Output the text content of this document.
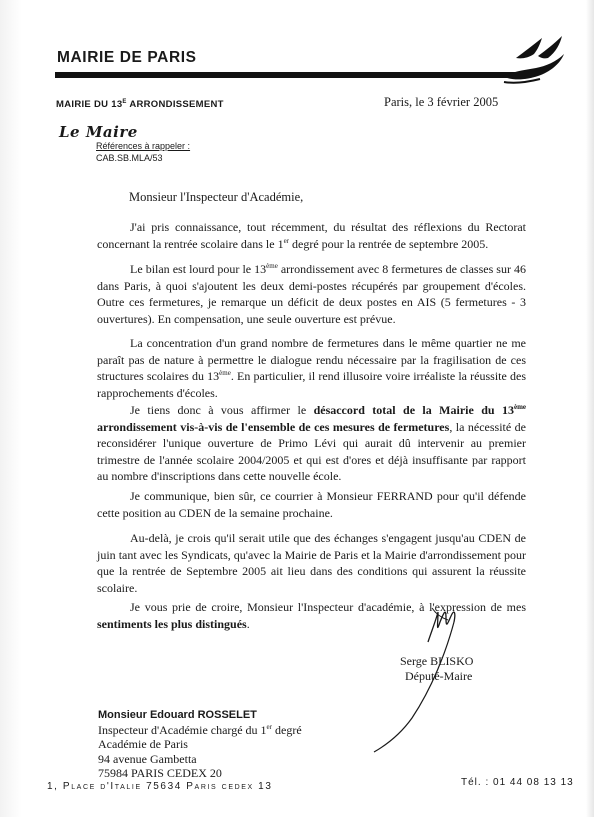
MAIRIE DE PARIS
MAIRIE DU $13^E$ ARRONDISSEMENT	Paris, le 3 février 2005
Le Maire
Références à rappeler :
CAB.SB.MLA/53
Monsieur l'Inspecteur d'Académie,

J'ai pris connaissance, tout récemment, du résultat des réflexions du Rectorat concernant la rentrée scolaire dans le 1er degré pour la rentrée de septembre 2005.

Le bilan est lourd pour le 13ème arrondissement avec 8 fermetures de classes sur 46 dans Paris, à quoi s'ajoutent les deux demi-postes récupérés par groupement d'écoles. Outre ces fermetures, je remarque un déficit de deux postes en AIS (5 fermetures - 3 ouvertures). En compensation, une seule ouverture est prévue.

La concentration d'un grand nombre de fermetures dans le même quartier ne me paraît pas de nature à permettre le dialogue rendu nécessaire par la fragilisation de ces structures scolaires du 13ème. En particulier, il rend illusoire voire irréaliste la réussite des rapprochements d'écoles.

Je tiens donc à vous affirmer le désaccord total de la Mairie du 13ème arrondissement vis-à-vis de l'ensemble de ces mesures de fermetures, la nécessité de reconsidérer l'unique ouverture de Primo Lévi qui aurait dû intervenir au premier trimestre de l'année scolaire 2004/2005 et qui est d'ores et déjà insuffisante par rapport au nombre d'inscriptions dans cette nouvelle école.

Je communique, bien sûr, ce courrier à Monsieur FERRAND pour qu'il défende cette position au CDEN de la semaine prochaine.

Au-delà, je crois qu'il serait utile que des échanges s'engagent jusqu'au CDEN de juin tant avec les Syndicats, qu'avec la Mairie de Paris et la Mairie d'arrondissement pour que la rentrée de Septembre 2005 ait lieu dans des conditions qui assurent la réussite scolaire.

Je vous prie de croire, Monsieur l'Inspecteur d'académie, à l'expression de mes sentiments les plus distingués.

Serge BLISKO
Député-Maire
Monsieur Edouard ROSSELET
Inspecteur d'Académie chargé du 1er degré
Académie de Paris
94 avenue Gambetta
75984 PARIS CEDEX 20
1, Place d'Italie 75634 Paris cedex 13	Tél. : 01 44 08 13 13
